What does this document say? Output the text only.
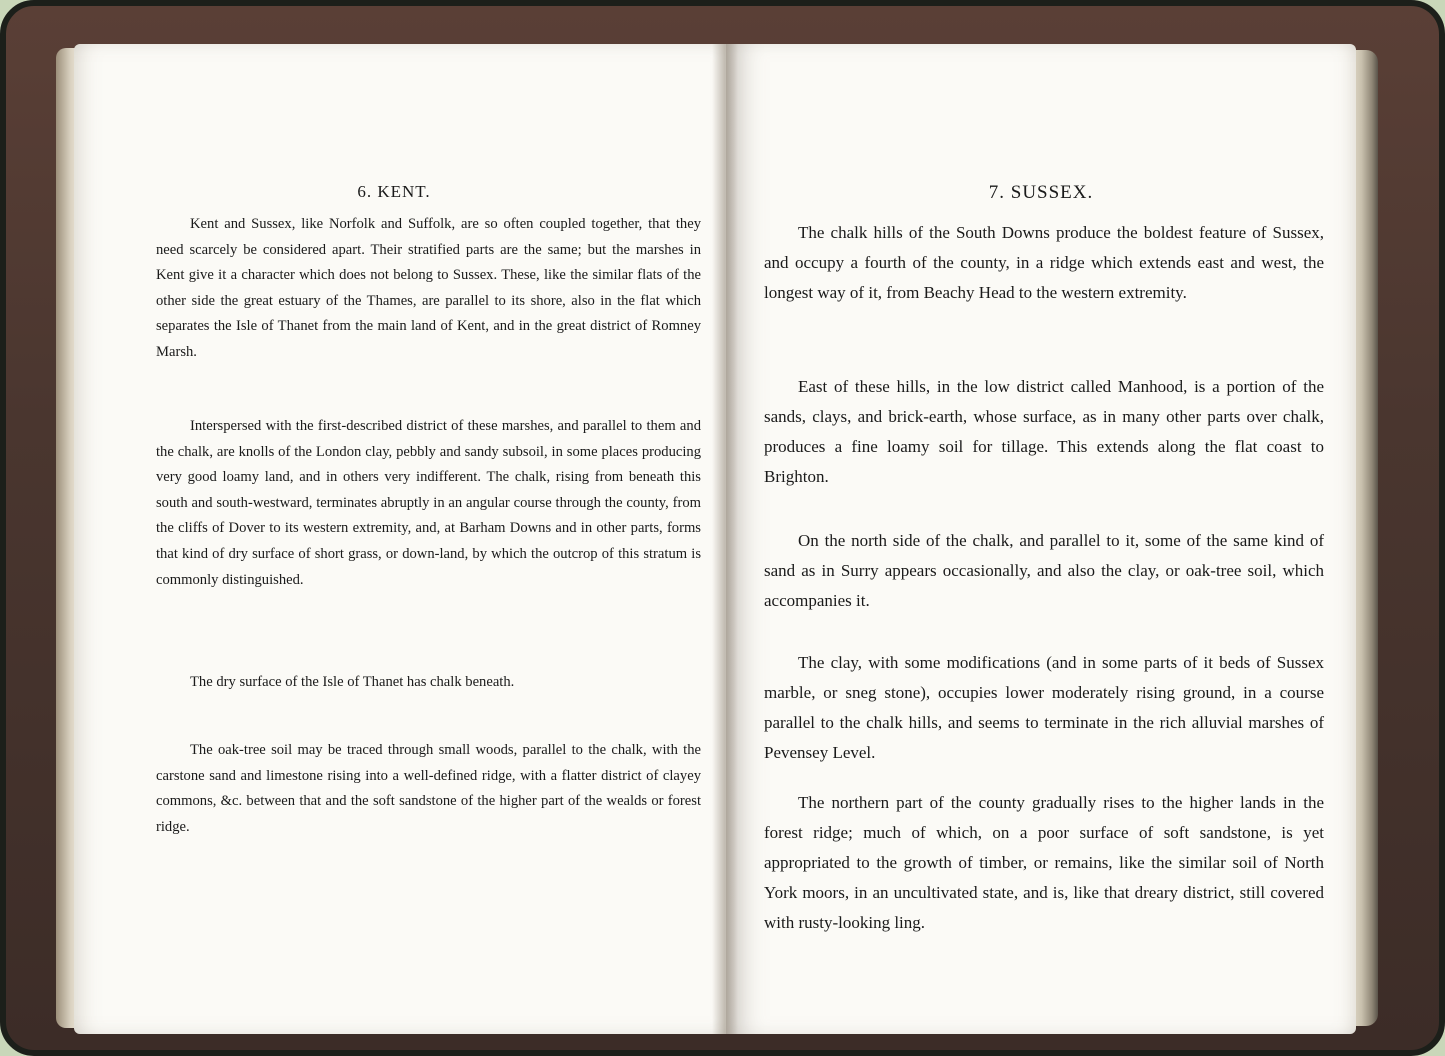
6. KENT.

Kent and Sussex, like Norfolk and Suffolk, are so often coupled together, that they need scarcely be considered apart. Their stratified parts are the same; but the marshes in Kent give it a character which does not belong to Sussex. These, like the similar flats of the other side the great estuary of the Thames, are parallel to its shore, also in the flat which separates the Isle of Thanet from the main land of Kent, and in the great district of Romney Marsh.

Interspersed with the first-described district of these marshes, and parallel to them and the chalk, are knolls of the London clay, pebbly and sandy subsoil, in some places producing very good loamy land, and in others very indifferent. The chalk, rising from beneath this south and south-westward, terminates abruptly in an angular course through the county, from the cliffs of Dover to its western extremity, and, at Barham Downs and in other parts, forms that kind of dry surface of short grass, or down-land, by which the outcrop of this stratum is commonly distinguished.

The dry surface of the Isle of Thanet has chalk beneath.

The oak-tree soil may be traced through small woods, parallel to the chalk, with the carstone sand and limestone rising into a well-defined ridge, with a flatter district of clayey commons, &c. between that and the soft sandstone of the higher part of the wealds or forest ridge.

7. SUSSEX.

The chalk hills of the South Downs produce the boldest feature of Sussex, and occupy a fourth of the county, in a ridge which extends east and west, the longest way of it, from Beachy Head to the western extremity.

East of these hills, in the low district called Manhood, is a portion of the sands, clays, and brick-earth, whose surface, as in many other parts over chalk, produces a fine loamy soil for tillage. This extends along the flat coast to Brighton.

On the north side of the chalk, and parallel to it, some of the same kind of sand as in Surry appears occasionally, and also the clay, or oak-tree soil, which accompanies it.

The clay, with some modifications (and in some parts of it beds of Sussex marble, or sneg stone), occupies lower moderately rising ground, in a course parallel to the chalk hills, and seems to terminate in the rich alluvial marshes of Pevensey Level.

The northern part of the county gradually rises to the higher lands in the forest ridge; much of which, on a poor surface of soft sandstone, is yet appropriated to the growth of timber, or remains, like the similar soil of North York moors, in an uncultivated state, and is, like that dreary district, still covered with rusty-looking ling.
